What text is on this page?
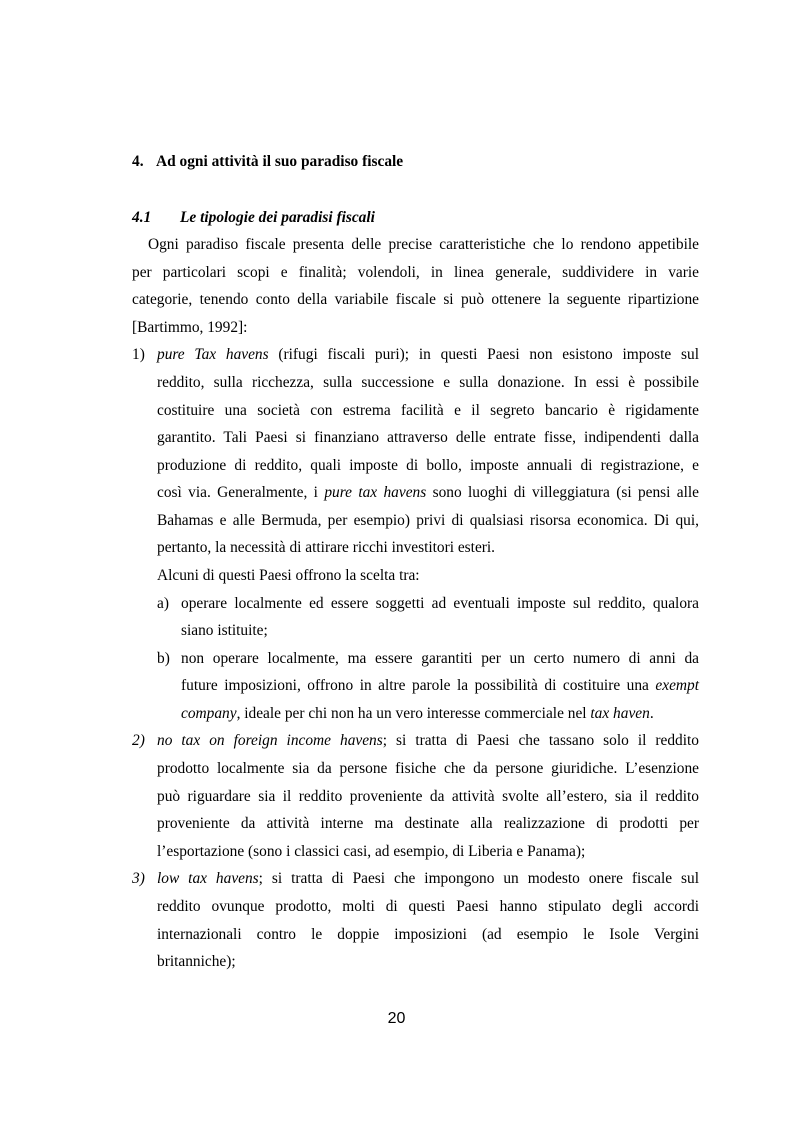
4. Ad ogni attività il suo paradiso fiscale
4.1 Le tipologie dei paradisi fiscali
Ogni paradiso fiscale presenta delle precise caratteristiche che lo rendono appetibile
per particolari scopi e finalità; volendoli, in linea generale, suddividere in varie
categorie, tenendo conto della variabile fiscale si può ottenere la seguente ripartizione
[Bartimmo, 1992]:
1) pure Tax havens (rifugi fiscali puri); in questi Paesi non esistono imposte sul
reddito, sulla ricchezza, sulla successione e sulla donazione. In essi è possibile
costituire una società con estrema facilità e il segreto bancario è rigidamente
garantito. Tali Paesi si finanziano attraverso delle entrate fisse, indipendenti dalla
produzione di reddito, quali imposte di bollo, imposte annuali di registrazione, e
così via. Generalmente, i pure tax havens sono luoghi di villeggiatura (si pensi alle
Bahamas e alle Bermuda, per esempio) privi di qualsiasi risorsa economica. Di qui,
pertanto, la necessità di attirare ricchi investitori esteri.
Alcuni di questi Paesi offrono la scelta tra:
a) operare localmente ed essere soggetti ad eventuali imposte sul reddito, qualora
siano istituite;
b) non operare localmente, ma essere garantiti per un certo numero di anni da
future imposizioni, offrono in altre parole la possibilità di costituire una exempt
company, ideale per chi non ha un vero interesse commerciale nel tax haven.
2) no tax on foreign income havens; si tratta di Paesi che tassano solo il reddito
prodotto localmente sia da persone fisiche che da persone giuridiche. L’esenzione
può riguardare sia il reddito proveniente da attività svolte all’estero, sia il reddito
proveniente da attività interne ma destinate alla realizzazione di prodotti per
l’esportazione (sono i classici casi, ad esempio, di Liberia e Panama);
3) low tax havens; si tratta di Paesi che impongono un modesto onere fiscale sul
reddito ovunque prodotto, molti di questi Paesi hanno stipulato degli accordi
internazionali contro le doppie imposizioni (ad esempio le Isole Vergini
britanniche);
20
